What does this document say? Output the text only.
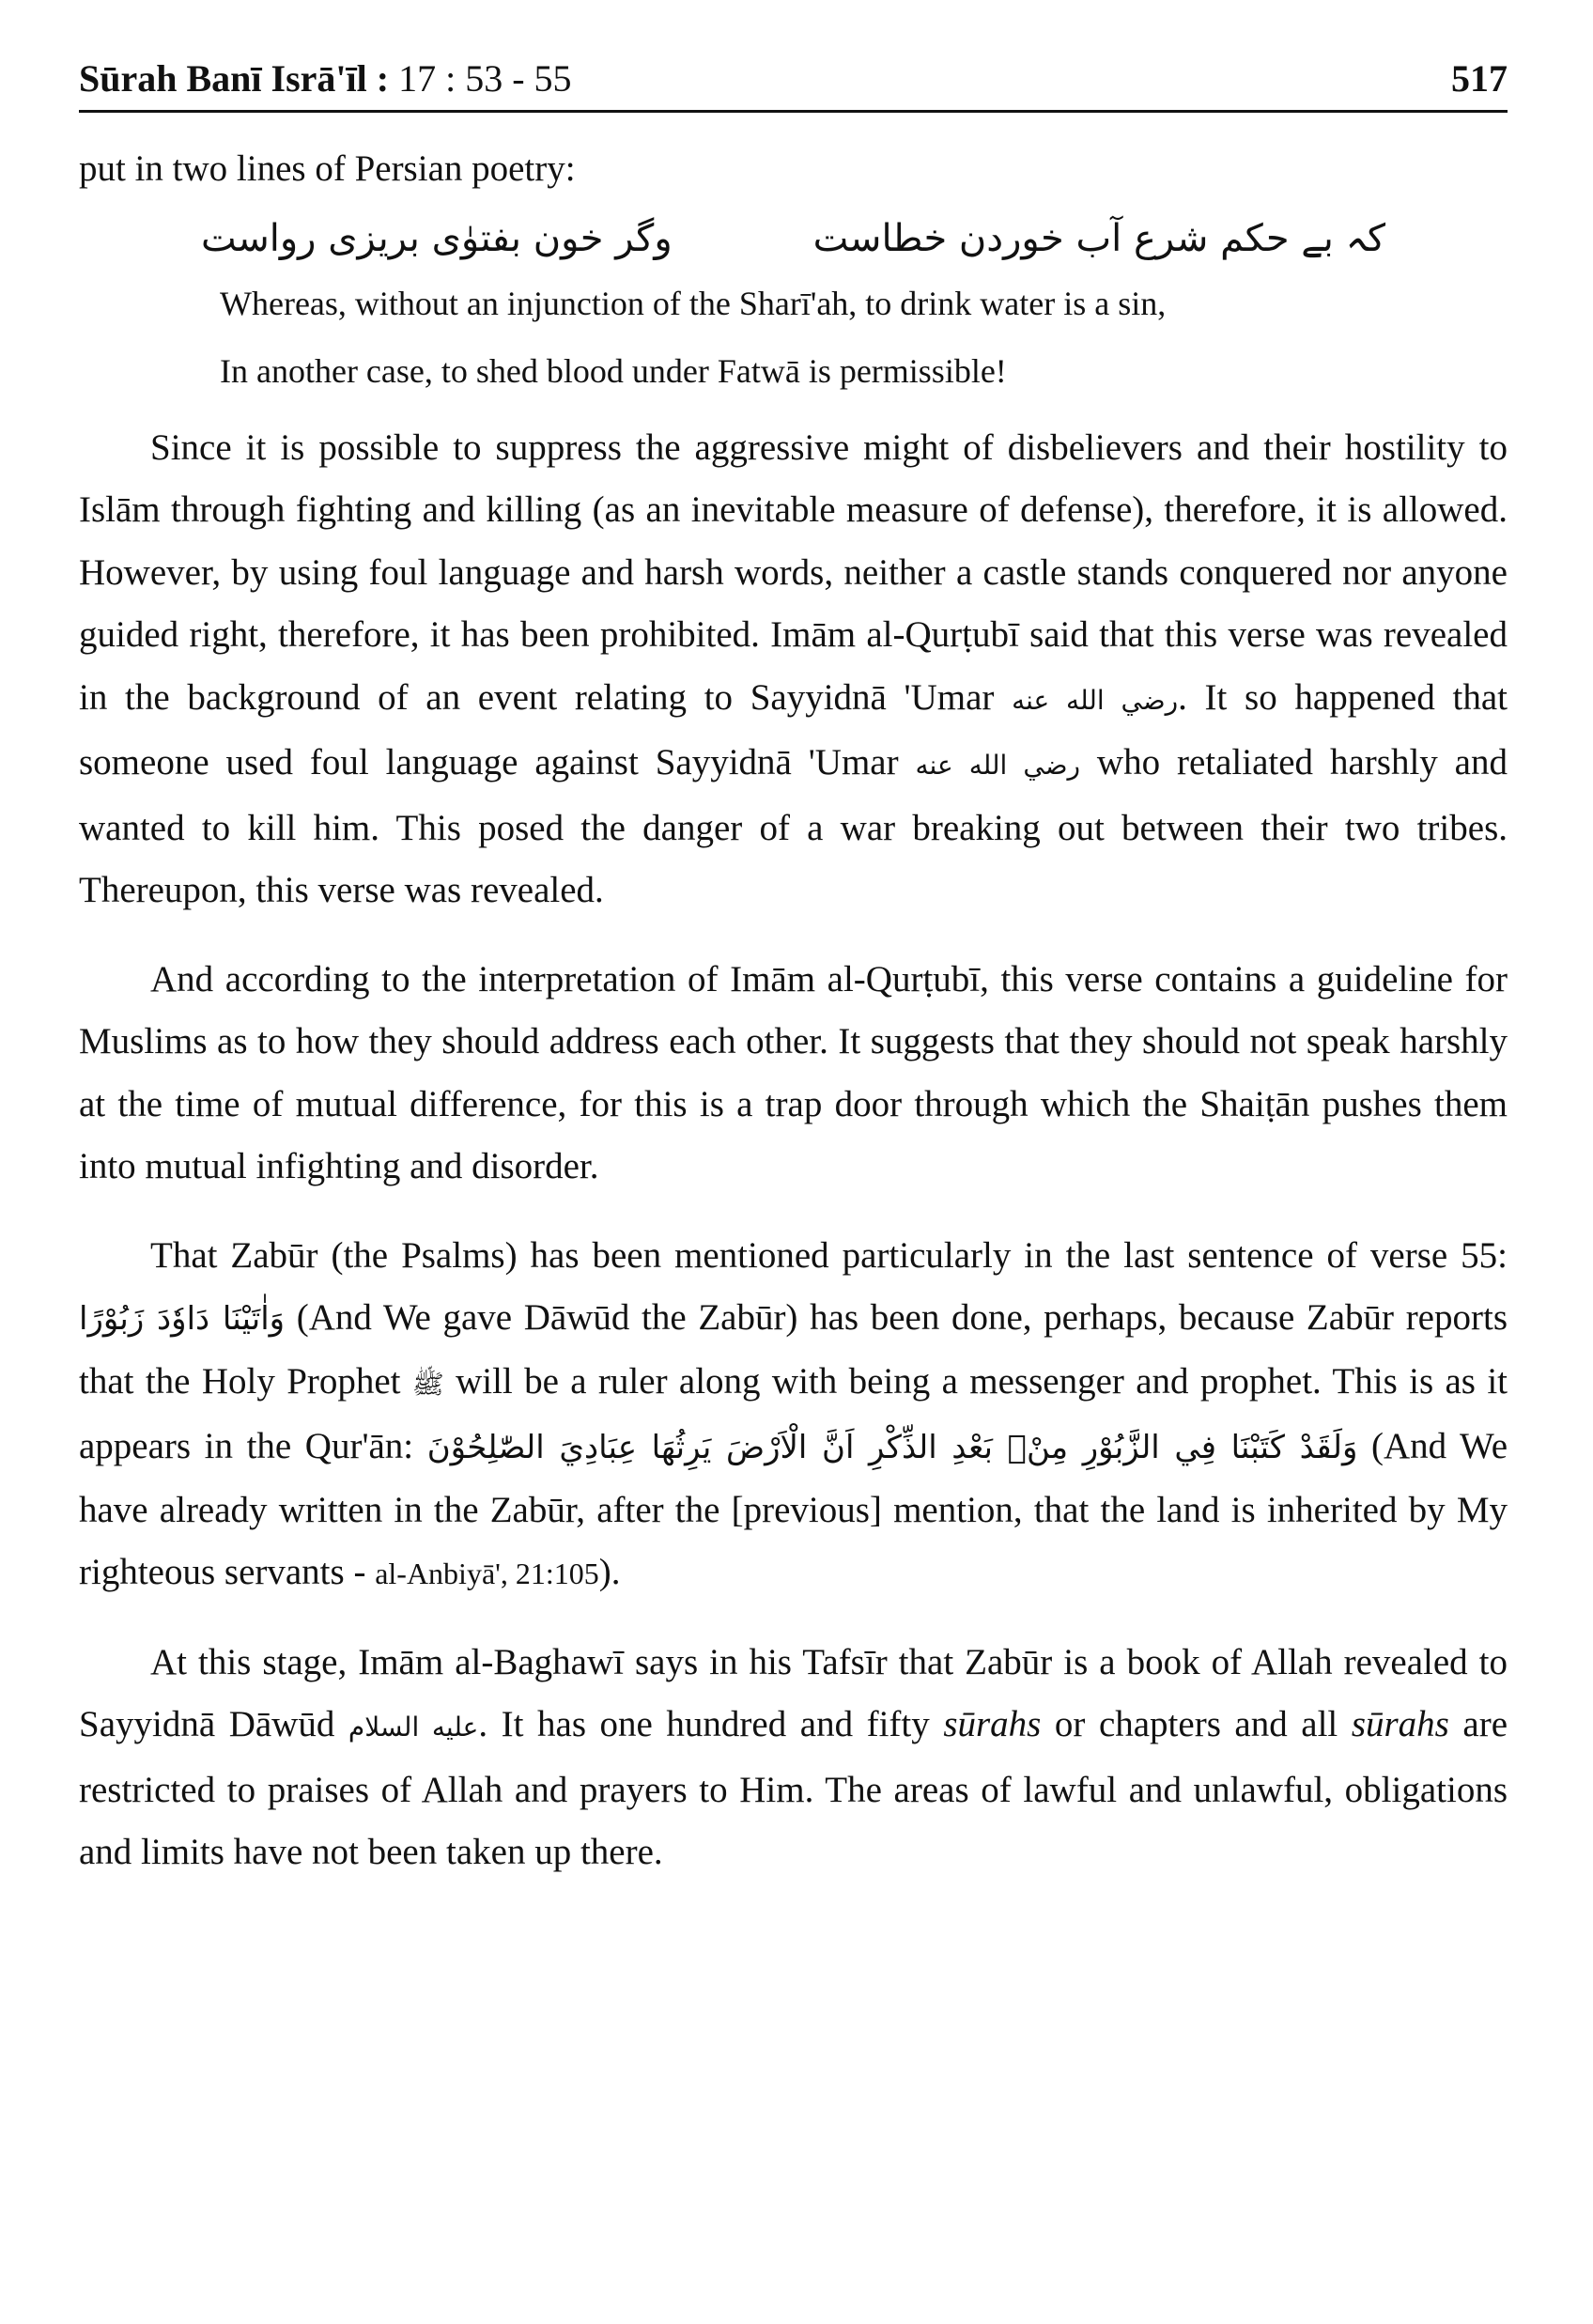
Sūrah Banī Isrā'īl : 17 : 53 - 55	517
put in two lines of Persian poetry:
کہ بے حکم شرع آب خوردن خطاست
وگر خون بفتوٰی بریزی رواست

Whereas, without an injunction of the Sharī'ah, to drink water is a sin,

In another case, to shed blood under Fatwā is permissible!

Since it is possible to suppress the aggressive might of disbelievers and their hostility to Islām through fighting and killing (as an inevitable measure of defense), therefore, it is allowed. However, by using foul language and harsh words, neither a castle stands conquered nor anyone guided right, therefore, it has been prohibited. Imām al-Qurṭubī said that this verse was revealed in the background of an event relating to Sayyidnā 'Umar رضي الله عنه. It so happened that someone used foul language against Sayyidnā 'Umar رضي الله عنه who retaliated harshly and wanted to kill him. This posed the danger of a war breaking out between their two tribes. Thereupon, this verse was revealed.

And according to the interpretation of Imām al-Qurṭubī, this verse contains a guideline for Muslims as to how they should address each other. It suggests that they should not speak harshly at the time of mutual difference, for this is a trap door through which the Shaiṭān pushes them into mutual infighting and disorder.

That Zabūr (the Psalms) has been mentioned particularly in the last sentence of verse 55: وَاٰتَيْنَا دَاوٗدَ زَبُوْرًا (And We gave Dāwūd the Zabūr) has been done, perhaps, because Zabūr reports that the Holy Prophet ﷺ will be a ruler along with being a messenger and prophet. This is as it appears in the Qur'ān: وَلَقَدْ كَتَبْنَا فِي الزَّبُوْرِ مِنْۢ بَعْدِ الذِّكْرِ اَنَّ الْاَرْضَ يَرِثُهَا عِبَادِيَ الصّٰلِحُوْنَ (And We have already written in the Zabūr, after the [previous] mention, that the land is inherited by My righteous servants - al-Anbiyā', 21:105).

At this stage, Imām al-Baghawī says in his Tafsīr that Zabūr is a book of Allah revealed to Sayyidnā Dāwūd عليه السلام. It has one hundred and fifty sūrahs or chapters and all sūrahs are restricted to praises of Allah and prayers to Him. The areas of lawful and unlawful, obligations and limits have not been taken up there.
